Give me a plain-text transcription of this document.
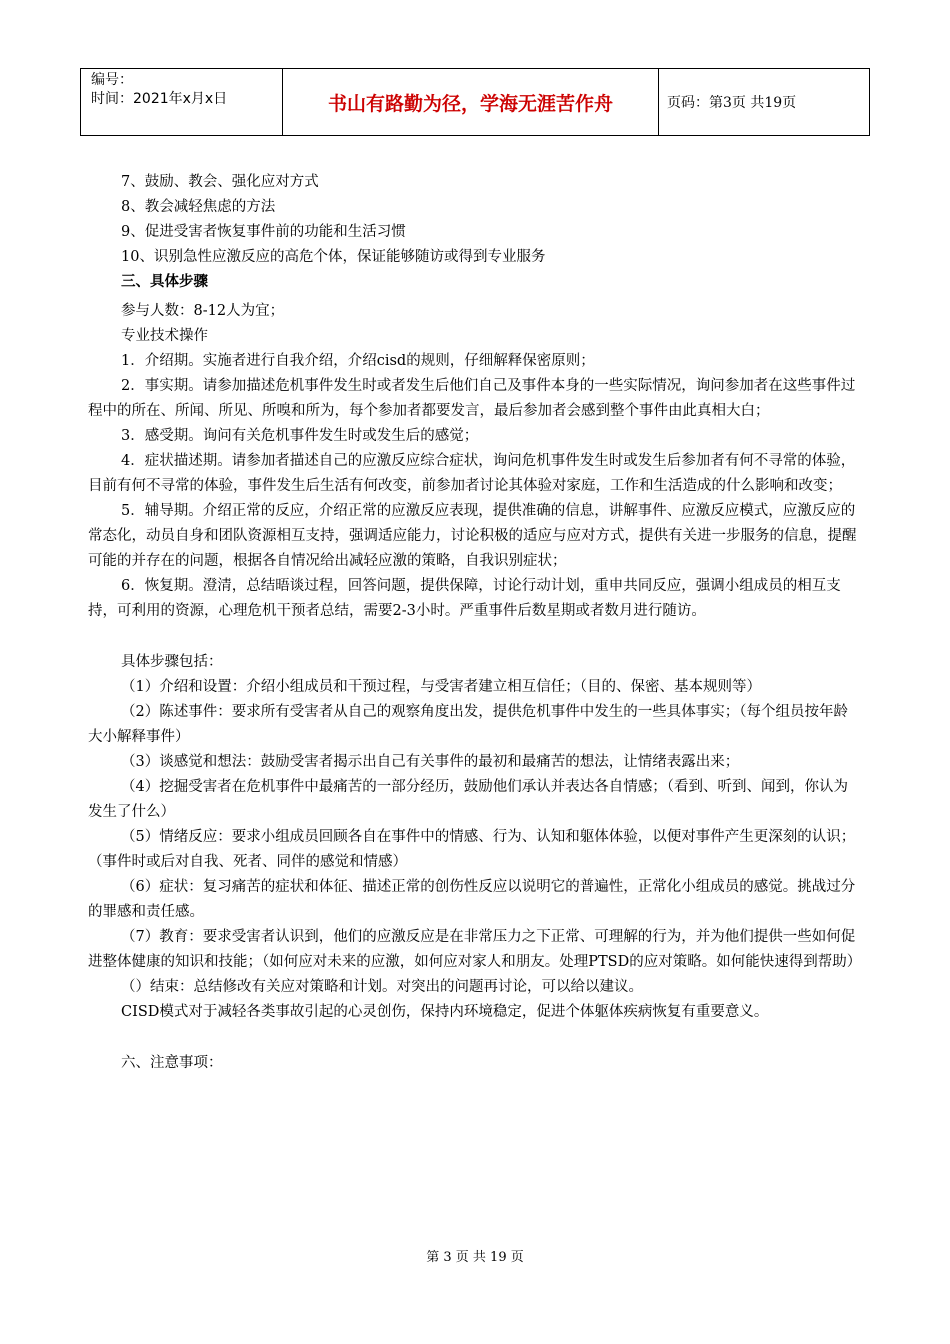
编号：
时间：2021年x月x日	书山有路勤为径，学海无涯苦作舟	页码：第3页 共19页

7、鼓励、教会、强化应对方式

8、教会减轻焦虑的方法

9、促进受害者恢复事件前的功能和生活习惯

10、识别急性应激反应的高危个体，保证能够随访或得到专业服务

三、具体步骤

参与人数：8-12人为宜；

专业技术操作

1．介绍期。实施者进行自我介绍，介绍cisd的规则，仔细解释保密原则；

2．事实期。请参加描述危机事件发生时或者发生后他们自己及事件本身的一些实际情况，询问参加者在这些事件过程中的所在、所闻、所见、所嗅和所为，每个参加者都要发言，最后参加者会感到整个事件由此真相大白；

3．感受期。询问有关危机事件发生时或发生后的感觉；

4．症状描述期。请参加者描述自己的应激反应综合症状，询问危机事件发生时或发生后参加者有何不寻常的体验，目前有何不寻常的体验，事件发生后生活有何改变，前参加者讨论其体验对家庭，工作和生活造成的什么影响和改变；

5．辅导期。介绍正常的反应，介绍正常的应激反应表现，提供准确的信息，讲解事件、应激反应模式，应激反应的常态化，动员自身和团队资源相互支持，强调适应能力，讨论积极的适应与应对方式，提供有关进一步服务的信息，提醒可能的并存在的问题，根据各自情况给出减轻应激的策略，自我识别症状；

6．恢复期。澄清，总结晤谈过程，回答问题，提供保障，讨论行动计划，重申共同反应，强调小组成员的相互支持，可利用的资源，心理危机干预者总结，需要2-3小时。严重事件后数星期或者数月进行随访。

具体步骤包括：

（1）介绍和设置：介绍小组成员和干预过程，与受害者建立相互信任；（目的、保密、基本规则等）

（2）陈述事件：要求所有受害者从自己的观察角度出发，提供危机事件中发生的一些具体事实；（每个组员按年龄大小解释事件）

（3）谈感觉和想法：鼓励受害者揭示出自己有关事件的最初和最痛苦的想法，让情绪表露出来；

（4）挖掘受害者在危机事件中最痛苦的一部分经历，鼓励他们承认并表达各自情感；（看到、听到、闻到，你认为发生了什么）

（5）情绪反应：要求小组成员回顾各自在事件中的情感、行为、认知和躯体体验，以便对事件产生更深刻的认识；（事件时或后对自我、死者、同伴的感觉和情感）

（6）症状：复习痛苦的症状和体征、描述正常的创伤性反应以说明它的普遍性，正常化小组成员的感觉。挑战过分的罪感和责任感。

（7）教育：要求受害者认识到，他们的应激反应是在非常压力之下正常、可理解的行为，并为他们提供一些如何促进整体健康的知识和技能；（如何应对未来的应激，如何应对家人和朋友。处理PTSD的应对策略。如何能快速得到帮助）

（）结束：总结修改有关应对策略和计划。对突出的问题再讨论，可以给以建议。

CISD模式对于减轻各类事故引起的心灵创伤，保持内环境稳定，促进个体躯体疾病恢复有重要意义。

六、注意事项：

第 3 页 共 19 页
